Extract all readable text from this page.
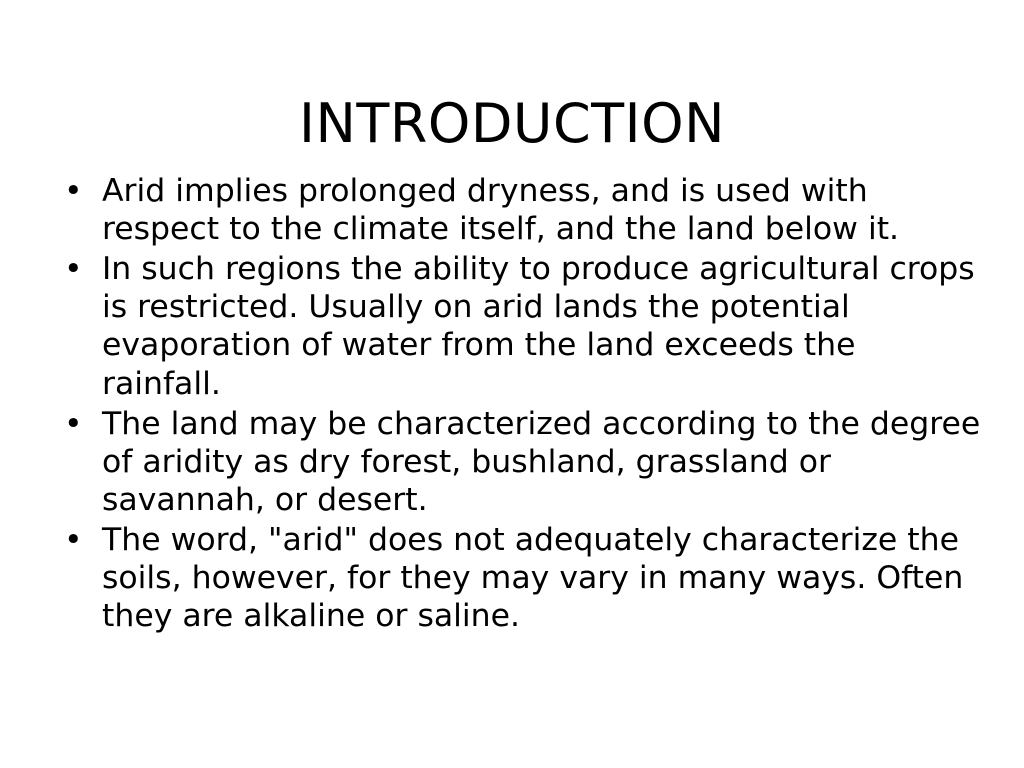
INTRODUCTION
• Arid implies prolonged dryness, and is used with respect to the climate itself, and the land below it.
• In such regions the ability to produce agricultural crops is restricted. Usually on arid lands the potential evaporation of water from the land exceeds the rainfall.
• The land may be characterized according to the degree of aridity as dry forest, bushland, grassland or savannah, or desert.
• The word, "arid" does not adequately characterize the soils, however, for they may vary in many ways. Often they are alkaline or saline.
